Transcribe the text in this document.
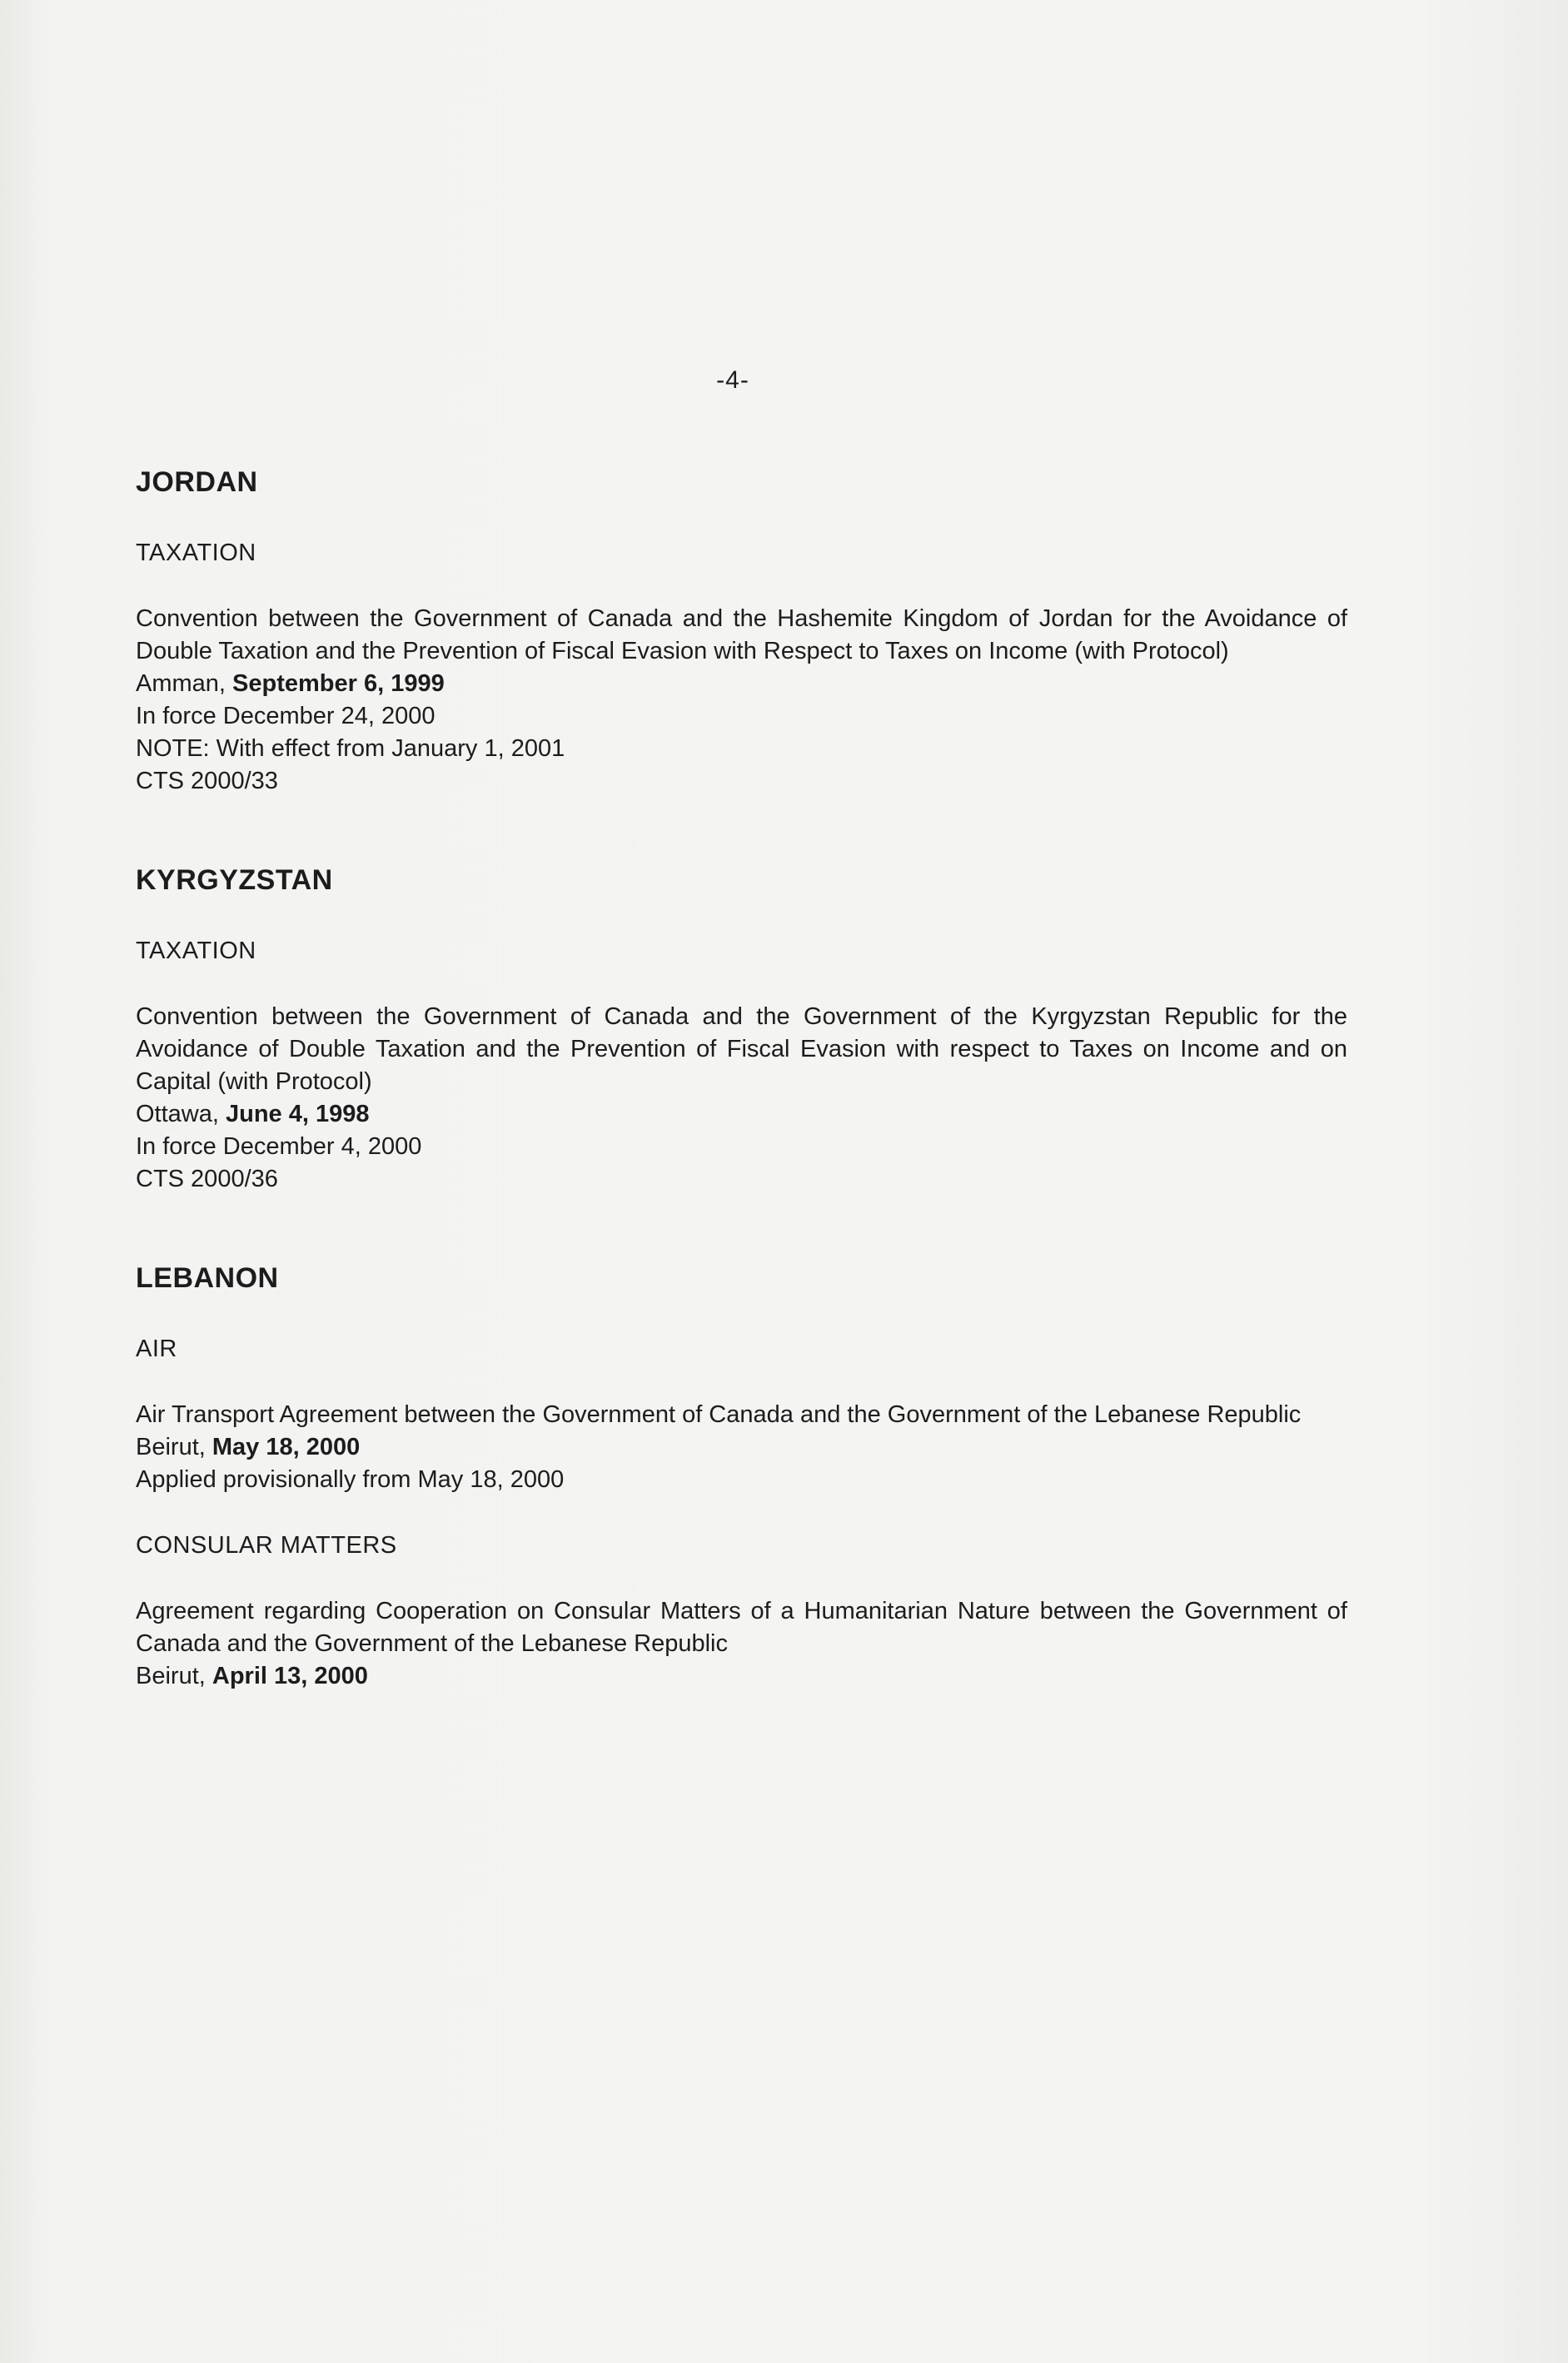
-4-
JORDAN
TAXATION

Convention between the Government of Canada and the Hashemite Kingdom of Jordan for the Avoidance of Double Taxation and the Prevention of Fiscal Evasion with Respect to Taxes on Income (with Protocol)

Amman, September 6, 1999

In force December 24, 2000

NOTE: With effect from January 1, 2001

CTS 2000/33

KYRGYZSTAN
TAXATION

Convention between the Government of Canada and the Government of the Kyrgyzstan Republic for the Avoidance of Double Taxation and the Prevention of Fiscal Evasion with respect to Taxes on Income and on Capital (with Protocol)

Ottawa, June 4, 1998

In force December 4, 2000

CTS 2000/36

LEBANON
AIR

Air Transport Agreement between the Government of Canada and the Government of the Lebanese Republic

Beirut, May 18, 2000

Applied provisionally from May 18, 2000

CONSULAR MATTERS

Agreement regarding Cooperation on Consular Matters of a Humanitarian Nature between the Government of Canada and the Government of the Lebanese Republic

Beirut, April 13, 2000
